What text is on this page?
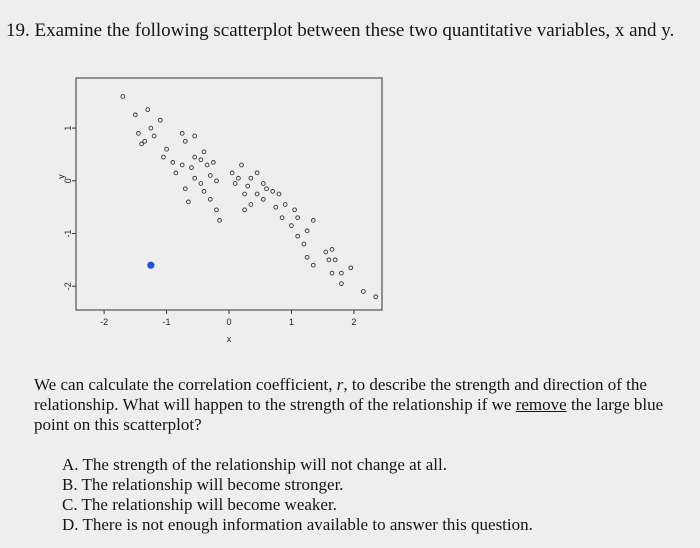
19. Examine the following scatterplot between these two quantitative variables, x and y.
-2	-1	0	1	2
-2
-1
0
1
x
y

We can calculate the correlation coefficient, r, to describe the strength and direction of the relationship. What will happen to the strength of the relationship if we remove the large blue point on this scatterplot?

A. The strength of the relationship will not change at all.
B. The relationship will become stronger.
C. The relationship will become weaker.
D. There is not enough information available to answer this question.
